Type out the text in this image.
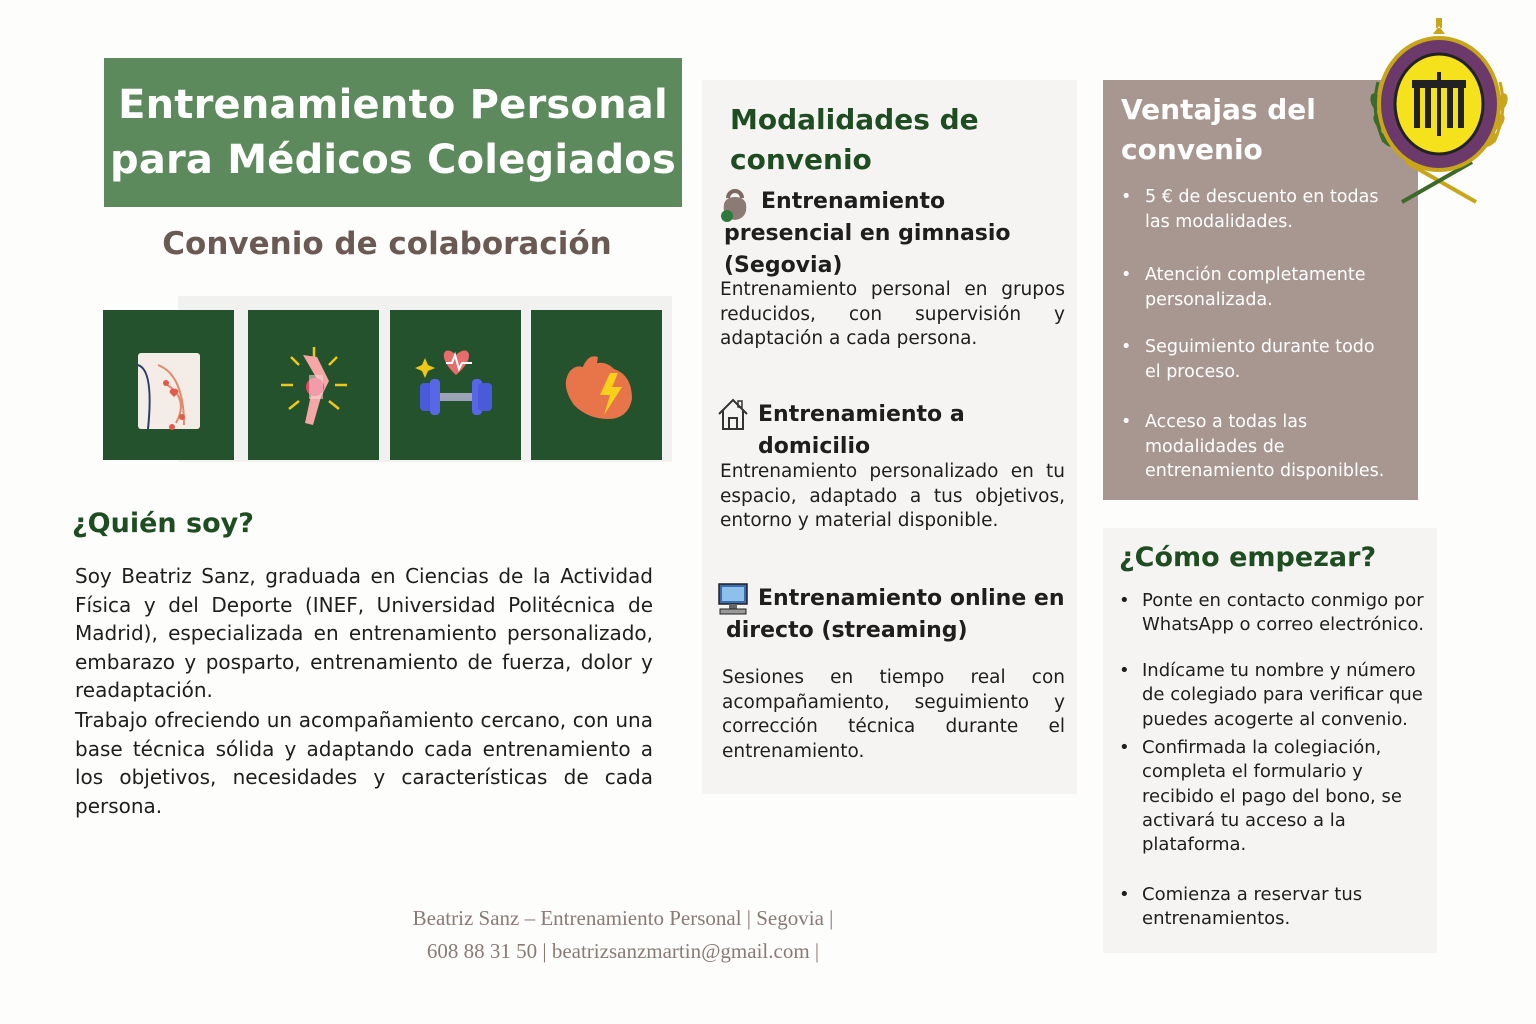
Entrenamiento Personal
para Médicos Colegiados
Convenio de colaboración
¿Quién soy?
Soy Beatriz Sanz, graduada en Ciencias de la Actividad Física y del Deporte (INEF, Universidad Politécnica de Madrid), especializada en entrenamiento personalizado, embarazo y posparto, entrenamiento de fuerza, dolor y readaptación.
Trabajo ofreciendo un acompañamiento cercano, con una base técnica sólida y adaptando cada entrenamiento a los objetivos, necesidades y características de cada persona.
Modalidades de
convenio
Entrenamiento presencial en gimnasio (Segovia)
Entrenamiento personal en grupos reducidos, con supervisión y adaptación a cada persona.
Entrenamiento a domicilio
Entrenamiento personalizado en tu espacio, adaptado a tus objetivos, entorno y material disponible.
Entrenamiento online en directo (streaming)
Sesiones en tiempo real con acompañamiento, seguimiento y corrección técnica durante el entrenamiento.
Ventajas del
convenio
• 5 € de descuento en todas las modalidades.
• Atención completamente personalizada.
• Seguimiento durante todo el proceso.
• Acceso a todas las modalidades de entrenamiento disponibles.
¿Cómo empezar?
• Ponte en contacto conmigo por WhatsApp o correo electrónico.
• Indícame tu nombre y número de colegiado para verificar que puedes acogerte al convenio.
• Confirmada la colegiación, completa el formulario y recibido el pago del bono, se activará tu acceso a la plataforma.
• Comienza a reservar tus entrenamientos.
Beatriz Sanz – Entrenamiento Personal | Segovia |
608 88 31 50 | beatrizsanzmartin@gmail.com |
